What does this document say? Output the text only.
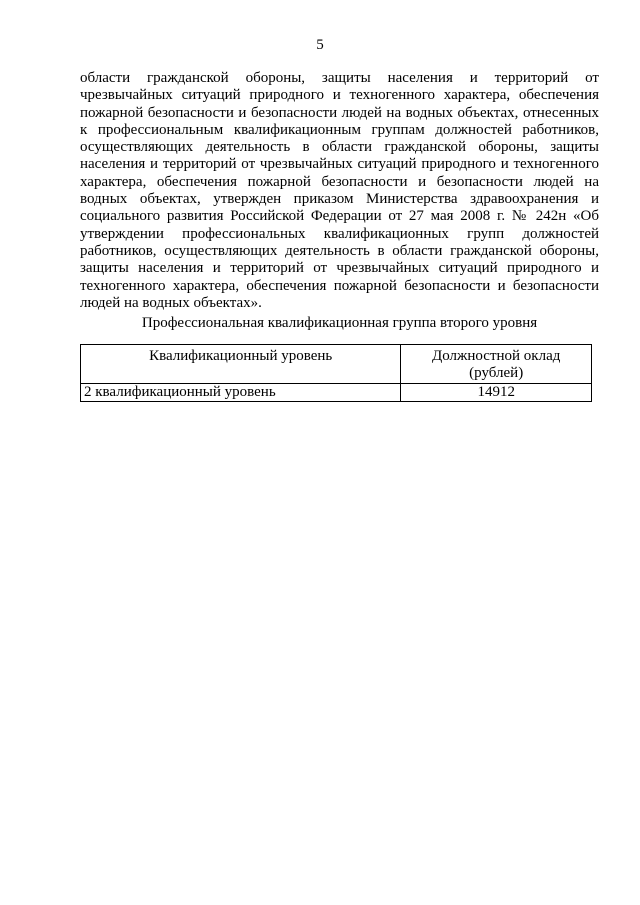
5

области гражданской обороны, защиты населения и территорий от чрезвычайных ситуаций природного и техногенного характера, обеспечения пожарной безопасности и безопасности людей на водных объектах, отнесенных к профессиональным квалификационным группам должностей работников, осуществляющих деятельность в области гражданской обороны, защиты населения и территорий от чрезвычайных ситуаций природного и техногенного характера, обеспечения пожарной безопасности и безопасности людей на водных объектах, утвержден приказом Министерства здравоохранения и социального развития Российской Федерации от 27 мая 2008 г. № 242н «Об утверждении профессиональных квалификационных групп должностей работников, осуществляющих деятельность в области гражданской обороны, защиты населения и территорий от чрезвычайных ситуаций природного и техногенного характера, обеспечения пожарной безопасности и безопасности людей на водных объектах».

Профессиональная квалификационная группа второго уровня
Квалификационный уровень	Должностной оклад (рублей)
2 квалификационный уровень	14912
